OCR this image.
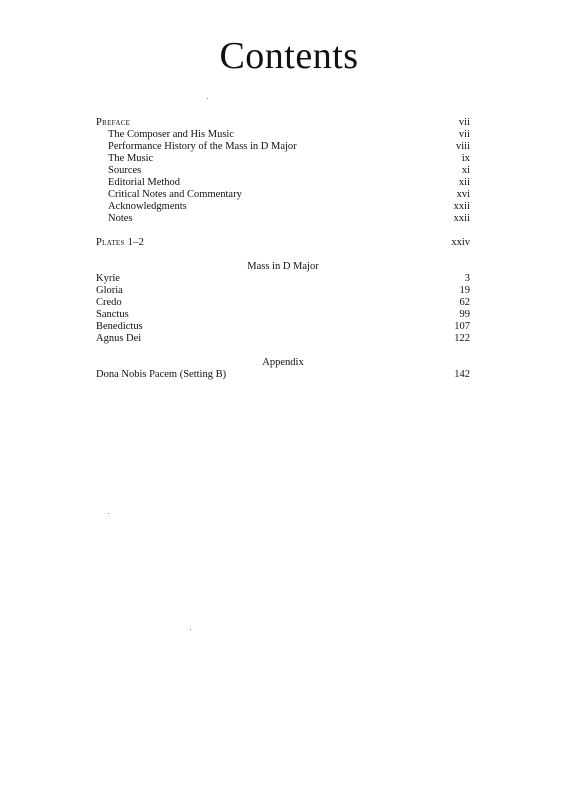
Contents
Preface	vii
The Composer and His Music	vii
Performance History of the Mass in D Major	viii
The Music	ix
Sources	xi
Editorial Method	xii
Critical Notes and Commentary	xvi
Acknowledgments	xxii
Notes	xxii
Plates 1–2	xxiv
Mass in D Major
Kyrie	3
Gloria	19
Credo	62
Sanctus	99
Benedictus	107
Agnus Dei	122
Appendix
Dona Nobis Pacem (Setting B)	142
